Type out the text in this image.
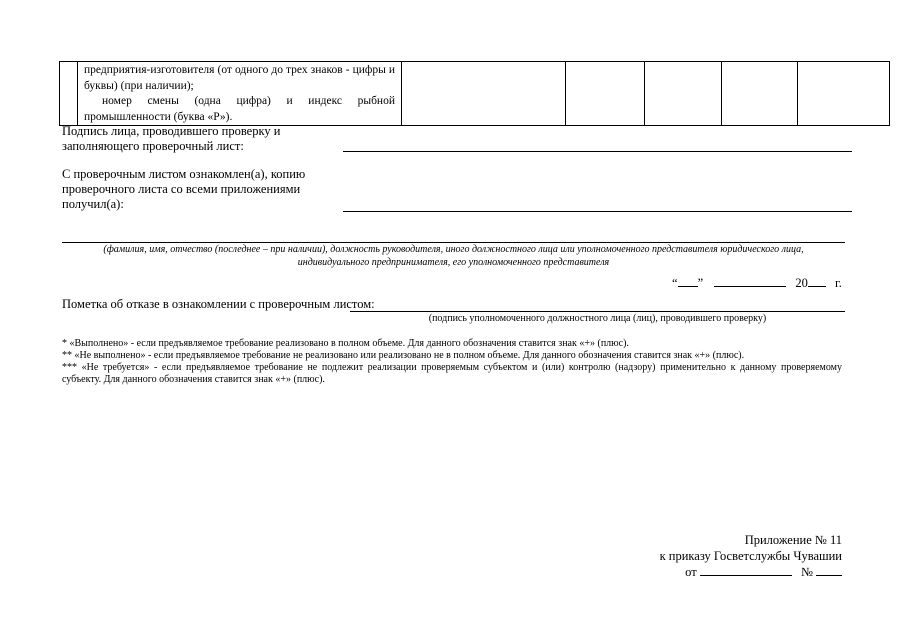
предприятия-изготовителя (от одного до трех знаков - цифры и буквы) (при наличии);

номер смены (одна цифра) и индекс рыбной промышленности (буква «Р»).

Подпись лица, проводившего проверку и
заполняющего проверочный лист:
С проверочным листом ознакомлен(а), копию
проверочного листа со всеми приложениями
получил(а):
(фамилия, имя, отчество (последнее – при наличии), должность руководителя, иного должностного лица или уполномоченного представителя юридического лица,
индивидуального предпринимателя, его уполномоченного представителя
“ ”	20 г.
Пометка об отказе в ознакомлении с проверочным листом:
(подпись уполномоченного должностного лица (лиц), проводившего проверку)

* «Выполнено» - если предъявляемое требование реализовано в полном объеме. Для данного обозначения ставится знак «+» (плюс).

** «Не выполнено» - если предъявляемое требование не реализовано или реализовано не в полном объеме. Для данного обозначения ставится знак «+» (плюс).

*** «Не требуется» - если предъявляемое требование не подлежит реализации проверяемым субъектом и (или) контролю (надзору) применительно к данному проверяемому субъекту. Для данного обозначения ставится знак «+» (плюс).

Приложение № 11
к приказу Госветслужбы Чувашии
от	№
